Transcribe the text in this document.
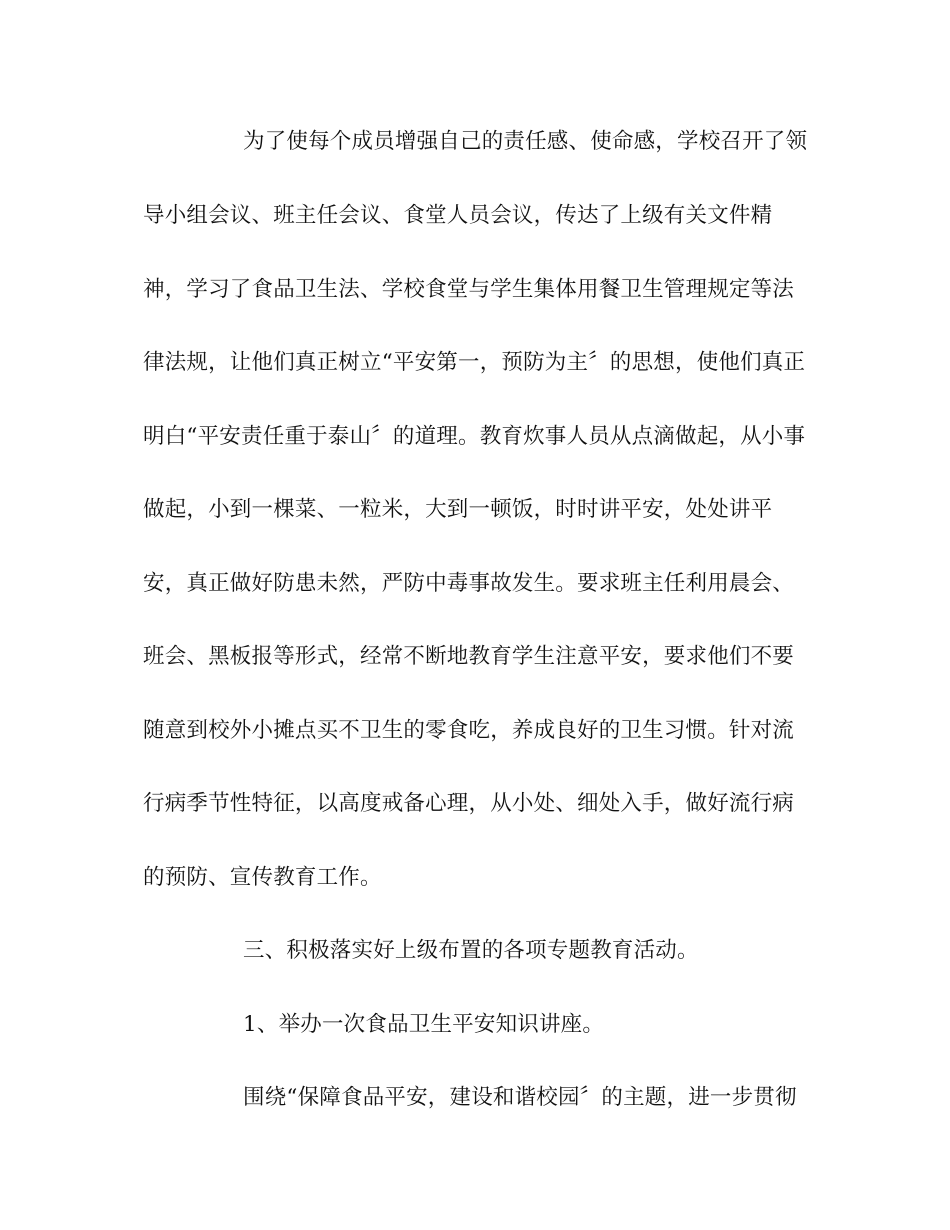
为了使每个成员增强自己的责任感、使命感，学校召开了领
导小组会议、班主任会议、食堂人员会议，传达了上级有关文件精
神，学习了食品卫生法、学校食堂与学生集体用餐卫生管理规定等法
律法规，让他们真正树立“平安第一，预防为主〞的思想，使他们真正
明白“平安责任重于泰山〞的道理。教育炊事人员从点滴做起，从小事
做起，小到一棵菜、一粒米，大到一顿饭，时时讲平安，处处讲平
安，真正做好防患未然，严防中毒事故发生。要求班主任利用晨会、
班会、黑板报等形式，经常不断地教育学生注意平安，要求他们不要
随意到校外小摊点买不卫生的零食吃，养成良好的卫生习惯。针对流
行病季节性特征，以高度戒备心理，从小处、细处入手，做好流行病
的预防、宣传教育工作。
三、积极落实好上级布置的各项专题教育活动。
1、举办一次食品卫生平安知识讲座。
围绕“保障食品平安，建设和谐校园〞的主题，进一步贯彻
